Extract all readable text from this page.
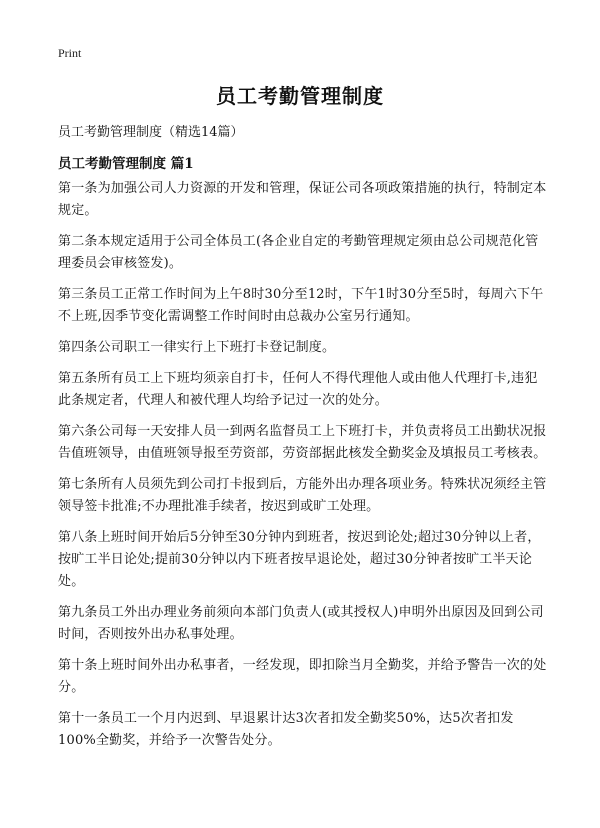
Print
员工考勤管理制度
员工考勤管理制度（精选14篇）
员工考勤管理制度 篇1

第一条为加强公司人力资源的开发和管理，保证公司各项政策措施的执行，特制定本规定。

第二条本规定适用于公司全体员工(各企业自定的考勤管理规定须由总公司规范化管理委员会审核签发)。

第三条员工正常工作时间为上午8时30分至12时，下午1时30分至5时，每周六下午不上班,因季节变化需调整工作时间时由总裁办公室另行通知。

第四条公司职工一律实行上下班打卡登记制度。

第五条所有员工上下班均须亲自打卡，任何人不得代理他人或由他人代理打卡,违犯此条规定者，代理人和被代理人均给予记过一次的处分。

第六条公司每一天安排人员一到两名监督员工上下班打卡，并负责将员工出勤状况报告值班领导，由值班领导报至劳资部，劳资部据此核发全勤奖金及填报员工考核表。

第七条所有人员须先到公司打卡报到后，方能外出办理各项业务。特殊状况须经主管领导签卡批准;不办理批准手续者，按迟到或旷工处理。

第八条上班时间开始后5分钟至30分钟内到班者，按迟到论处;超过30分钟以上者，按旷工半日论处;提前30分钟以内下班者按早退论处，超过30分钟者按旷工半天论处。

第九条员工外出办理业务前须向本部门负责人(或其授权人)申明外出原因及回到公司时间，否则按外出办私事处理。

第十条上班时间外出办私事者，一经发现，即扣除当月全勤奖，并给予警告一次的处分。

第十一条员工一个月内迟到、早退累计达3次者扣发全勤奖50%，达5次者扣发100%全勤奖，并给予一次警告处分。
